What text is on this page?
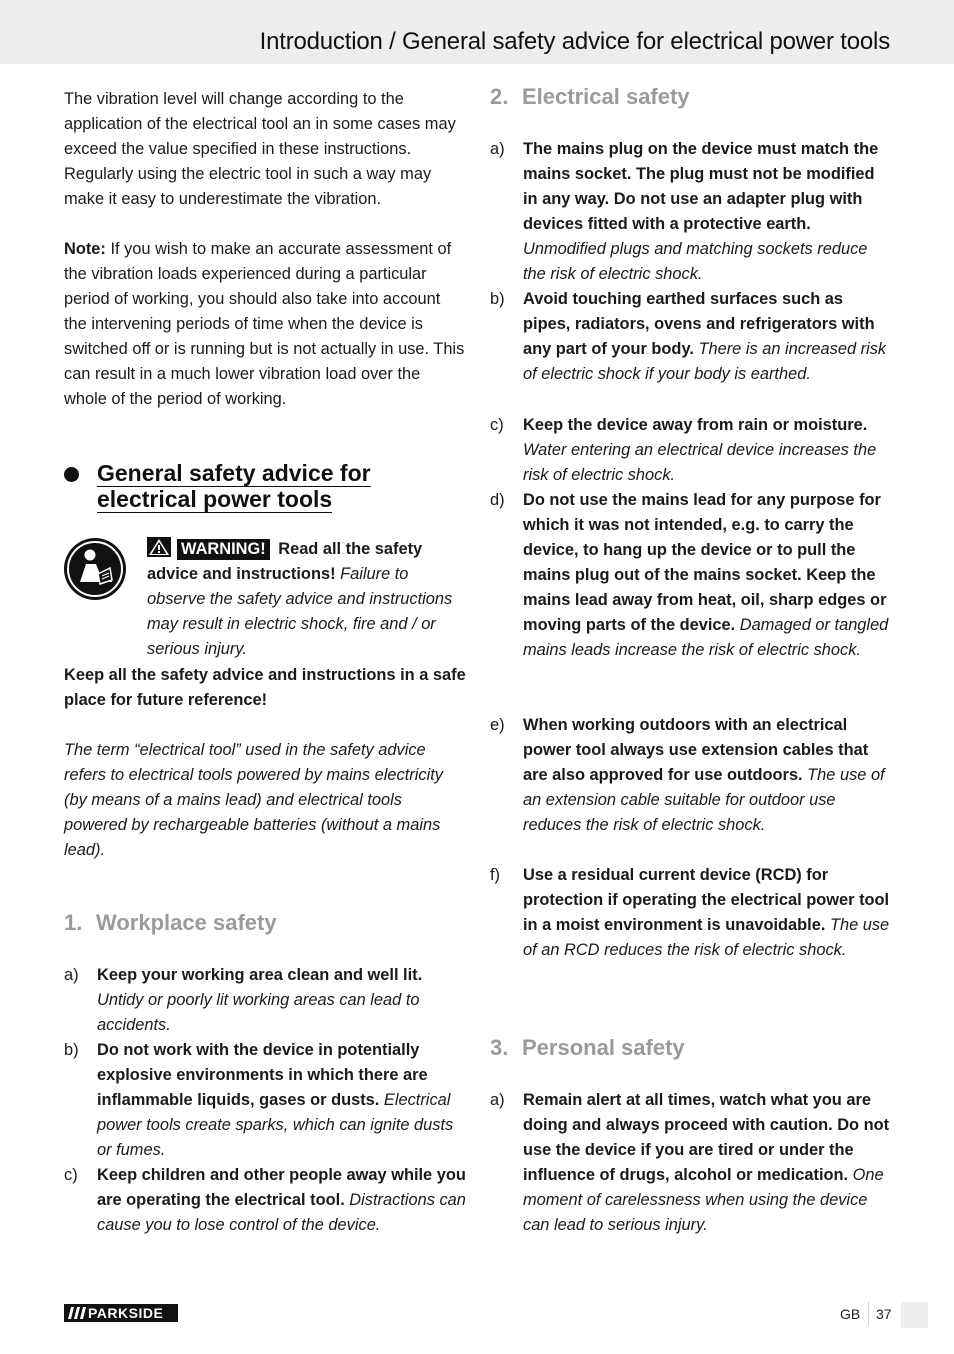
Introduction / General safety advice for electrical power tools

The vibration level will change according to the application of the electrical tool an in some cases may exceed the value specified in these instructions. Regularly using the electric tool in such a way may make it easy to underestimate the vibration.

Note: If you wish to make an accurate assessment of the vibration loads experienced during a particular period of working, you should also take into account the intervening periods of time when the device is switched off or is running but is not actually in use. This can result in a much lower vibration load over the whole of the period of working.

General safety advice for
electrical power tools
WARNING! Read all the safety advice and instructions! Failure to observe the safety advice and instructions may result in electric shock, fire and / or serious injury.

Keep all the safety advice and instructions in a safe place for future reference!

The term “electrical tool” used in the safety advice refers to electrical tools powered by mains electricity (by means of a mains lead) and electrical tools powered by rechargeable batteries (without a mains lead).

1. Workplace safety
a)	Keep your working area clean and well lit. Untidy or poorly lit working areas can lead to accidents.
b)	Do not work with the device in potentially explosive environments in which there are inflammable liquids, gases or dusts. Electrical power tools create sparks, which can ignite dusts or fumes.
c)	Keep children and other people away while you are operating the electrical tool. Distractions can cause you to lose control of the device.
2. Electrical safety
a)	The mains plug on the device must match the mains socket. The plug must not be modified in any way. Do not use an adapter plug with devices fitted with a protective earth. Unmodified plugs and matching sockets reduce the risk of electric shock.
b)	Avoid touching earthed surfaces such as pipes, radiators, ovens and refrigerators with any part of your body. There is an increased risk of electric shock if your body is earthed.
c)	Keep the device away from rain or moisture. Water entering an electrical device increases the risk of electric shock.
d)	Do not use the mains lead for any purpose for which it was not intended, e.g. to carry the device, to hang up the device or to pull the mains plug out of the mains socket. Keep the mains lead away from heat, oil, sharp edges or moving parts of the device. Damaged or tangled mains leads increase the risk of electric shock.
e)	When working outdoors with an electrical power tool always use extension cables that are also approved for use outdoors. The use of an extension cable suitable for outdoor use reduces the risk of electric shock.
f)	Use a residual current device (RCD) for protection if operating the electrical power tool in a moist environment is unavoidable. The use of an RCD reduces the risk of electric shock.
3. Personal safety
a)	Remain alert at all times, watch what you are doing and always proceed with caution. Do not use the device if you are tired or under the influence of drugs, alcohol or medication. One moment of carelessness when using the device can lead to serious injury.
PARKSIDE	GB 37
